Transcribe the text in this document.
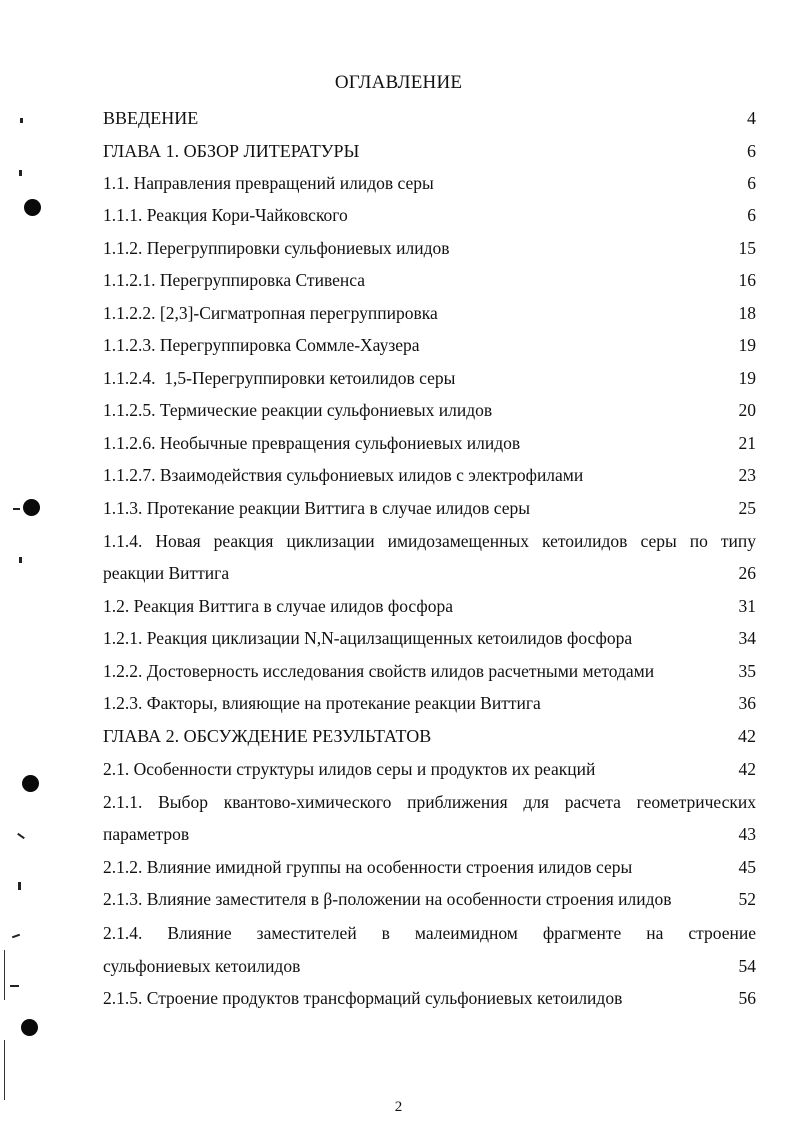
ОГЛАВЛЕНИЕ
ВВЕДЕНИЕ	4
ГЛАВА 1. ОБЗОР ЛИТЕРАТУРЫ	6
1.1. Направления превращений илидов серы	6
1.1.1. Реакция Кори-Чайковского	6
1.1.2. Перегруппировки сульфониевых илидов	15
1.1.2.1. Перегруппировка Стивенса	16
1.1.2.2. [2,3]-Сигматропная перегруппировка	18
1.1.2.3. Перегруппировка Соммле-Хаузера	19
1.1.2.4.  1,5-Перегруппировки кетоилидов серы	19
1.1.2.5. Термические реакции сульфониевых илидов	20
1.1.2.6. Необычные превращения сульфониевых илидов	21
1.1.2.7. Взаимодействия сульфониевых илидов с электрофилами	23
1.1.3. Протекание реакции Виттига в случае илидов серы	25
1.1.4. Новая реакция циклизации имидозамещенных кетоилидов серы по типу
реакции Виттига	26
1.2. Реакция Виттига в случае илидов фосфора	31
1.2.1. Реакция циклизации N,N-ацилзащищенных кетоилидов фосфора	34
1.2.2. Достоверность исследования свойств илидов расчетными методами	35
1.2.3. Факторы, влияющие на протекание реакции Виттига	36
ГЛАВА 2. ОБСУЖДЕНИЕ РЕЗУЛЬТАТОВ	42
2.1. Особенности структуры илидов серы и продуктов их реакций	42
2.1.1. Выбор квантово-химического приближения для расчета геометрических
параметров	43
2.1.2. Влияние имидной группы на особенности строения илидов серы	45
2.1.3. Влияние заместителя в β-положении на особенности строения илидов	52
2.1.4. Влияние заместителей в малеимидном фрагменте на строение
сульфониевых кетоилидов	54
2.1.5. Строение продуктов трансформаций сульфониевых кетоилидов	56
2
